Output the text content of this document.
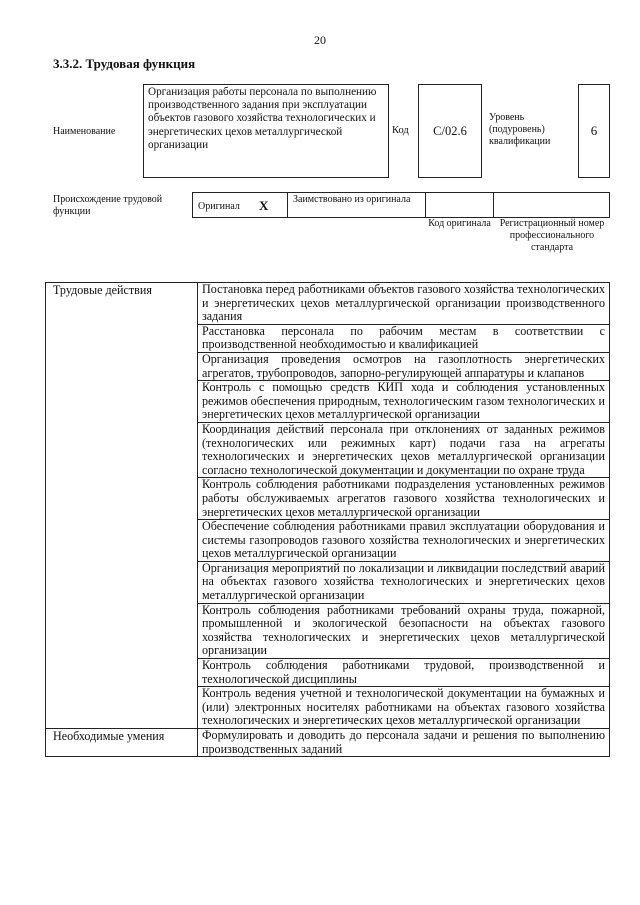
20
3.3.2. Трудовая функция
Наименование
Организация работы персонала по выполнению производственного задания при эксплуатации объектов газового хозяйства технологических и энергетических цехов металлургической организации
Код	C/02.6
Уровень (подуровень) квалификации
6
Происхождение трудовой функции	Оригинал X Заимствовано из оригинала
Код оригинала Регистрационный номер профессионального стандарта
Трудовые действия	Постановка перед работниками объектов газового хозяйства технологических и энергетических цехов металлургической организации производственного задания
	Расстановка персонала по рабочим местам в соответствии с производственной необходимостью и квалификацией
	Организация проведения осмотров на газоплотность энергетических агрегатов, трубопроводов, запорно-регулирующей аппаратуры и клапанов
	Контроль с помощью средств КИП хода и соблюдения установленных режимов обеспечения природным, технологическим газом технологических и энергетических цехов металлургической организации
	Координация действий персонала при отклонениях от заданных режимов (технологических или режимных карт) подачи газа на агрегаты технологических и энергетических цехов металлургической организации согласно технологической документации и документации по охране труда
	Контроль соблюдения работниками подразделения установленных режимов работы обслуживаемых агрегатов газового хозяйства технологических и энергетических цехов металлургической организации
	Обеспечение соблюдения работниками правил эксплуатации оборудования и системы газопроводов газового хозяйства технологических и энергетических цехов металлургической организации
	Организация мероприятий по локализации и ликвидации последствий аварий на объектах газового хозяйства технологических и энергетических цехов металлургической организации
	Контроль соблюдения работниками требований охраны труда, пожарной, промышленной и экологической безопасности на объектах газового хозяйства технологических и энергетических цехов металлургической организации
	Контроль соблюдения работниками трудовой, производственной и технологической дисциплины
	Контроль ведения учетной и технологической документации на бумажных и (или) электронных носителях работниками на объектах газового хозяйства технологических и энергетических цехов металлургической организации
Необходимые умения	Формулировать и доводить до персонала задачи и решения по выполнению производственных заданий
